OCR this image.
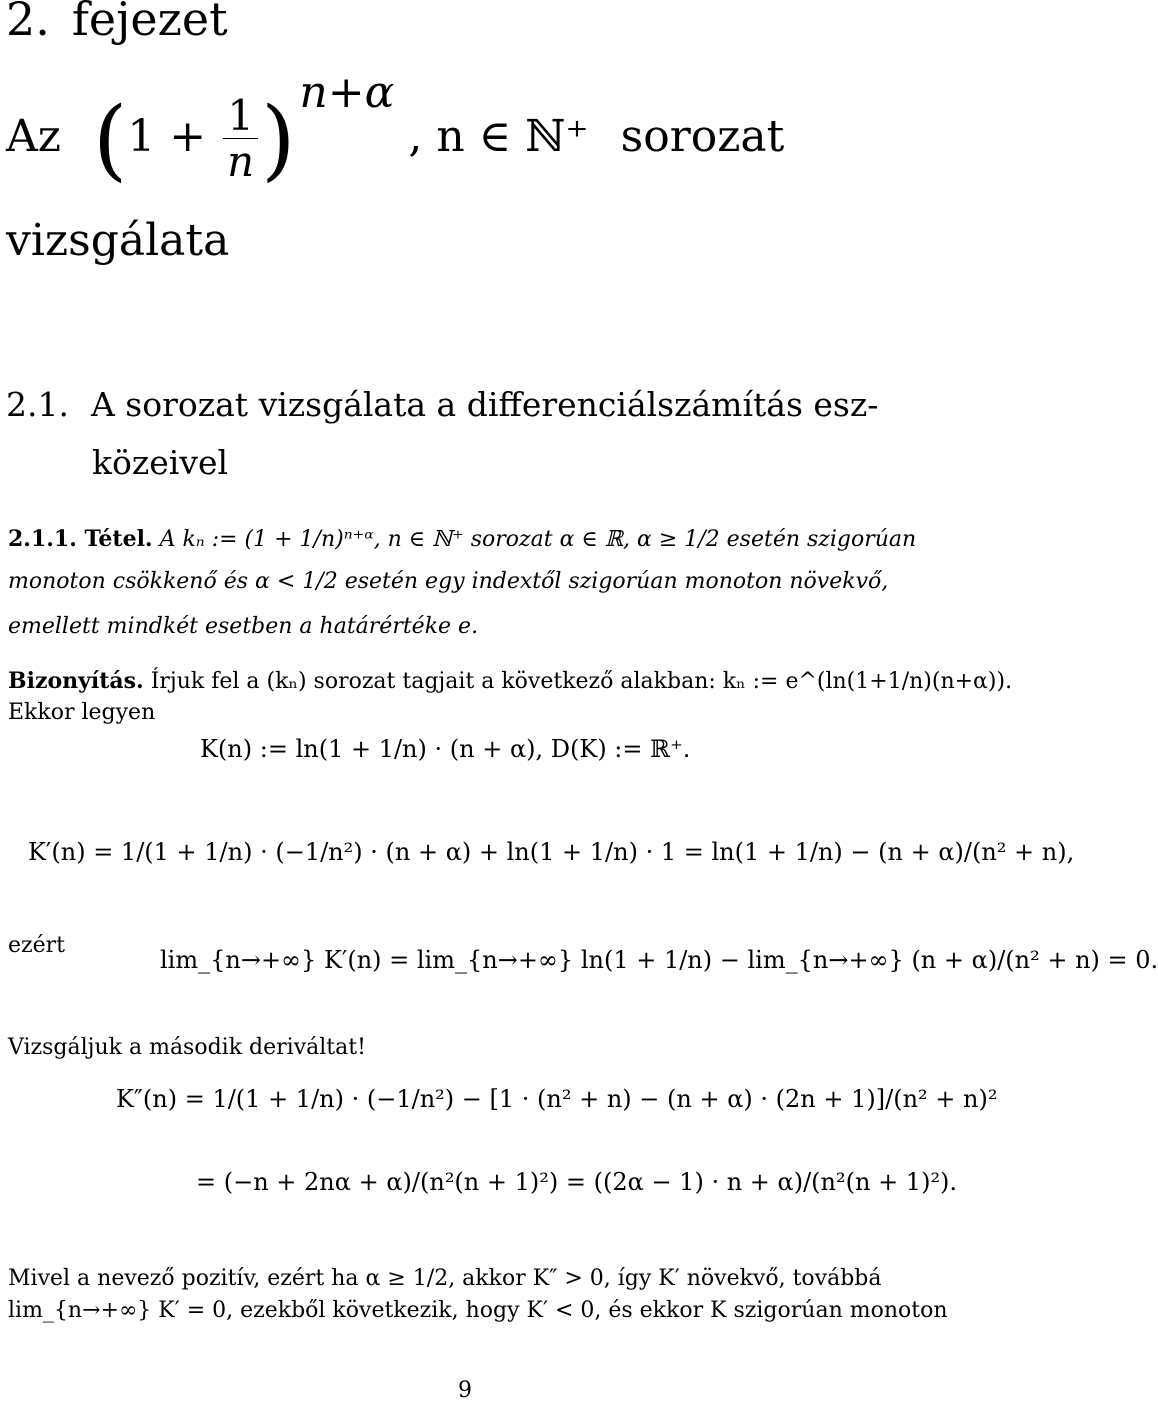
2. fejezet
Az $(1 + \frac{1}{n} )n+\alpha$ , n ∈ ℕ⁺ sorozat
vizsgálata
2.1. A sorozat vizsgálata a differenciálszámítás esz-
közeivel
2.1.1. Tétel. A kₙ := (1 + 1/n)ⁿ⁺ᵅ, n ∈ ℕ⁺ sorozat α ∈ ℝ, α ≥ 1/2 esetén szigorúan
monoton csökkenő és α < 1/2 esetén egy indextől szigorúan monoton növekvő,
emellett mindkét esetben a határértéke e.
Bizonyítás. Írjuk fel a (kₙ) sorozat tagjait a következő alakban: kₙ := e^(ln(1+1/n)(n+α)).
Ekkor legyen
K(n) := ln(1 + 1/n) · (n + α), D(K) := ℝ⁺.
K′(n) = 1/(1 + 1/n) · (−1/n²) · (n + α) + ln(1 + 1/n) · 1 = ln(1 + 1/n) − (n + α)/(n² + n),
ezért
lim_{n→+∞} K′(n) = lim_{n→+∞} ln(1 + 1/n) − lim_{n→+∞} (n + α)/(n² + n) = 0.
Vizsgáljuk a második deriváltat!
K″(n) = 1/(1 + 1/n) · (−1/n²) − [1 · (n² + n) − (n + α) · (2n + 1)]/(n² + n)²
= (−n + 2nα + α)/(n²(n + 1)²) = ((2α − 1) · n + α)/(n²(n + 1)²).
Mivel a nevező pozitív, ezért ha α ≥ 1/2, akkor K″ > 0, így K′ növekvő, továbbá
lim_{n→+∞} K′ = 0, ezekből következik, hogy K′ < 0, és ekkor K szigorúan monoton
9
